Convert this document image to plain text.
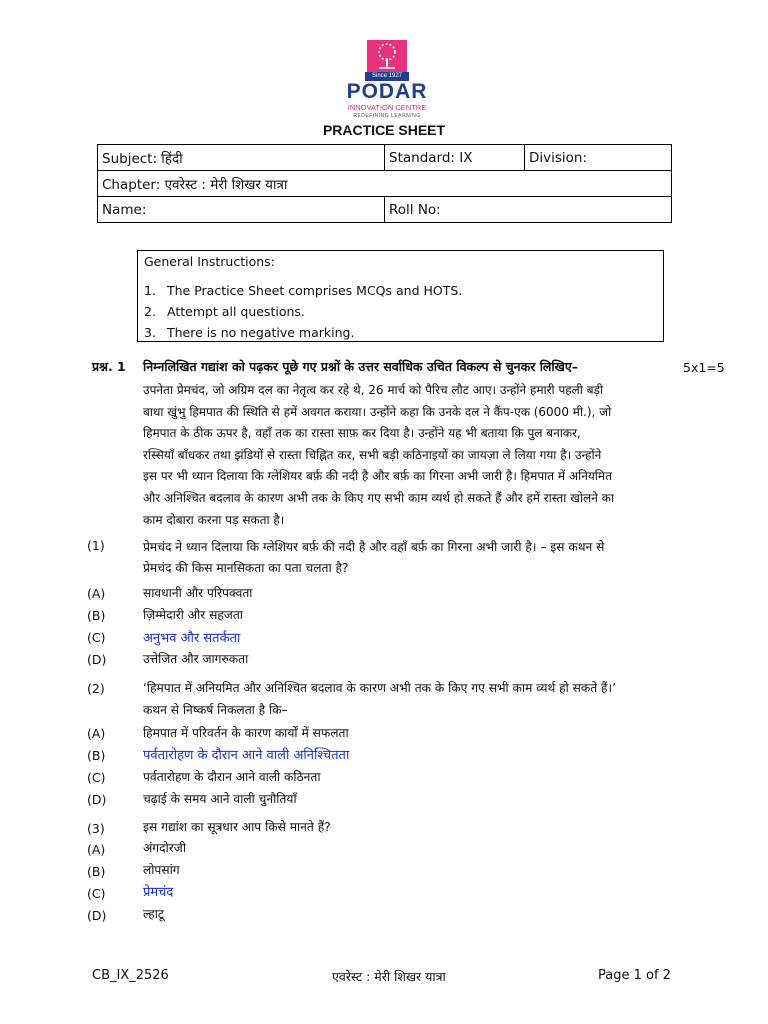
Since 1927
PODAR
INNOVATION CENTRE
REDEFINING LEARNING
PRACTICE SHEET
Subject: हिंदी	Standard: IX	Division:
Chapter: एवरेस्ट : मेरी शिखर यात्रा		
Name:	Roll No:	
General Instructions:
1. The Practice Sheet comprises MCQs and HOTS.
2. Attempt all questions.
3. There is no negative marking.
प्रश्न. 1 निम्नलिखित गद्यांश को पढ़कर पूछे गए प्रश्नों के उत्तर सर्वाधिक उचित विकल्प से चुनकर लिखिए–	5x1=5
उपनेता प्रेमचंद, जो अग्रिम दल का नेतृत्व कर रहे थे, 26 मार्च को पैरिच लौट आए। उन्होंने हमारी पहली बड़ी
बाधा खुंभु हिमपात की स्थिति से हमें अवगत कराया। उन्होंने कहा कि उनके दल ने कैंप-एक (6000 मी.), जो
हिमपात के ठीक ऊपर है, वहाँ तक का रास्ता साफ़ कर दिया है। उन्होंने यह भी बताया कि पुल बनाकर,
रस्सियाँ बाँधकर तथा झंडियों से रास्ता चिह्नित कर, सभी बड़ी कठिनाइयों का जायज़ा ले लिया गया है। उन्होंने
इस पर भी ध्यान दिलाया कि ग्लेशियर बर्फ़ की नदी है और बर्फ़ का गिरना अभी जारी है। हिमपात में अनियमित
और अनिश्चित बदलाव के कारण अभी तक के किए गए सभी काम व्यर्थ हो सकते हैं और हमें रास्ता खोलने का
काम दोबारा करना पड़ सकता है।
(1)	प्रेमचंद ने ध्यान दिलाया कि ग्लेशियर बर्फ़ की नदी है और वहाँ बर्फ़ का गिरना अभी जारी है। – इस कथन से
प्रेमचंद की किस मानसिकता का पता चलता है?
(A)	सावधानी और परिपक्वता
(B)	ज़िम्मेदारी और सहजता
(C)	अनुभव और सतर्कता
(D)	उत्तेजित और जागरुकता
(2)	‘हिमपात में अनियमित और अनिश्चित बदलाव के कारण अभी तक के किए गए सभी काम व्यर्थ हो सकते हैं।’
कथन से निष्कर्ष निकलता है कि–
(A)	हिमपात में परिवर्तन के कारण कार्यों में सफलता
(B)	पर्वतारोहण के दौरान आने वाली अनिश्चितता
(C)	पर्वतारोहण के दौरान आने वाली कठिनता
(D)	चढ़ाई के समय आने वाली चुनौतियाँ
(3)	इस गद्यांश का सूत्रधार आप किसे मानते हैं?
(A)	अंगदोरजी
(B)	लोपसांग
(C)	प्रेमचंद
(D)	ल्हाटू
CB_IX_2526	एवरेस्ट : मेरी शिखर यात्रा	Page 1 of 2
